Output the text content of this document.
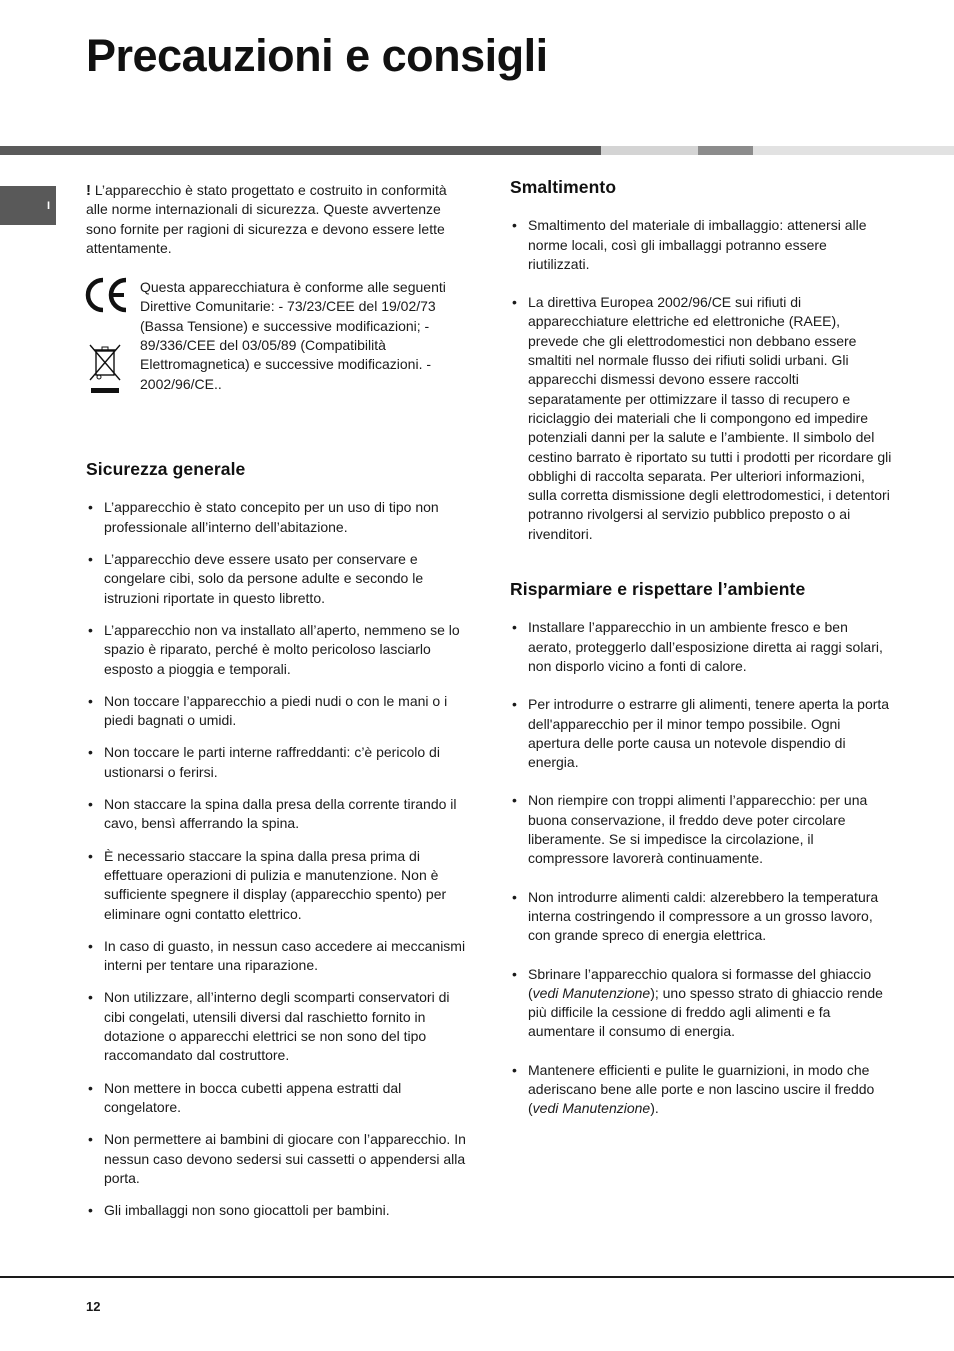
Precauzioni e consigli
I

! L’apparecchio è stato progettato e costruito in conformità alle norme internazionali di sicurezza. Queste avvertenze sono fornite per ragioni di sicurezza e devono essere lette attentamente.

Questa apparecchiatura è conforme alle seguenti Direttive Comunitarie: - 73/23/CEE del 19/02/73 (Bassa Tensione) e successive modificazioni; - 89/336/CEE del 03/05/89 (Compatibilità Elettromagnetica) e successive modificazioni. - 2002/96/CE..
Sicurezza generale
• L’apparecchio è stato concepito per un uso di tipo non professionale all’interno dell’abitazione.
• L’apparecchio deve essere usato per conservare e congelare cibi, solo da persone adulte e secondo le istruzioni riportate in questo libretto.
• L’apparecchio non va installato all’aperto, nemmeno se lo spazio è riparato, perché è molto pericoloso lasciarlo esposto a pioggia e temporali.
• Non toccare l’apparecchio a piedi nudi o con le mani o i piedi bagnati o umidi.
• Non toccare le parti interne raffreddanti: c’è pericolo di ustionarsi o ferirsi.
• Non staccare la spina dalla presa della corrente tirando il cavo, bensì afferrando la spina.
• È necessario staccare la spina dalla presa prima di effettuare operazioni di pulizia e manutenzione. Non è sufficiente spegnere il display (apparecchio spento) per eliminare ogni contatto elettrico.
• In caso di guasto, in nessun caso accedere ai meccanismi interni per tentare una riparazione.
• Non utilizzare, all’interno degli scomparti conservatori di cibi congelati, utensili diversi dal raschietto fornito in dotazione o apparecchi elettrici se non sono del tipo raccomandato dal costruttore.
• Non mettere in bocca cubetti appena estratti dal congelatore.
• Non permettere ai bambini di giocare con l’apparecchio. In nessun caso devono sedersi sui cassetti o appendersi alla porta.
• Gli imballaggi non sono giocattoli per bambini.
Smaltimento
• Smaltimento del materiale di imballaggio: attenersi alle norme locali, così gli imballaggi potranno essere riutilizzati.
• La direttiva Europea 2002/96/CE sui rifiuti di apparecchiature elettriche ed elettroniche (RAEE), prevede che gli elettrodomestici non debbano essere smaltiti nel normale flusso dei rifiuti solidi urbani. Gli apparecchi dismessi devono essere raccolti separatamente per ottimizzare il tasso di recupero e riciclaggio dei materiali che li compongono ed impedire potenziali danni per la salute e l’ambiente. Il simbolo del cestino barrato è riportato su tutti i prodotti per ricordare gli obblighi di raccolta separata. Per ulteriori informazioni, sulla corretta dismissione degli elettrodomestici, i detentori potranno rivolgersi al servizio pubblico preposto o ai rivenditori.
Risparmiare e rispettare l’ambiente
• Installare l’apparecchio in un ambiente fresco e ben aerato, proteggerlo dall’esposizione diretta ai raggi solari, non disporlo vicino a fonti di calore.
• Per introdurre o estrarre gli alimenti, tenere aperta la porta dell'apparecchio per il minor tempo possibile. Ogni apertura delle porte causa un notevole dispendio di energia.
• Non riempire con troppi alimenti l’apparecchio: per una buona conservazione, il freddo deve poter circolare liberamente. Se si impedisce la circolazione, il compressore lavorerà continuamente.
• Non introdurre alimenti caldi: alzerebbero la temperatura interna costringendo il compressore a un grosso lavoro, con grande spreco di energia elettrica.
• Sbrinare l’apparecchio qualora si formasse del ghiaccio (vedi Manutenzione); uno spesso strato di ghiaccio rende più difficile la cessione di freddo agli alimenti e fa aumentare il consumo di energia.
• Mantenere efficienti e pulite le guarnizioni, in modo che aderiscano bene alle porte e non lascino uscire il freddo (vedi Manutenzione).
12
